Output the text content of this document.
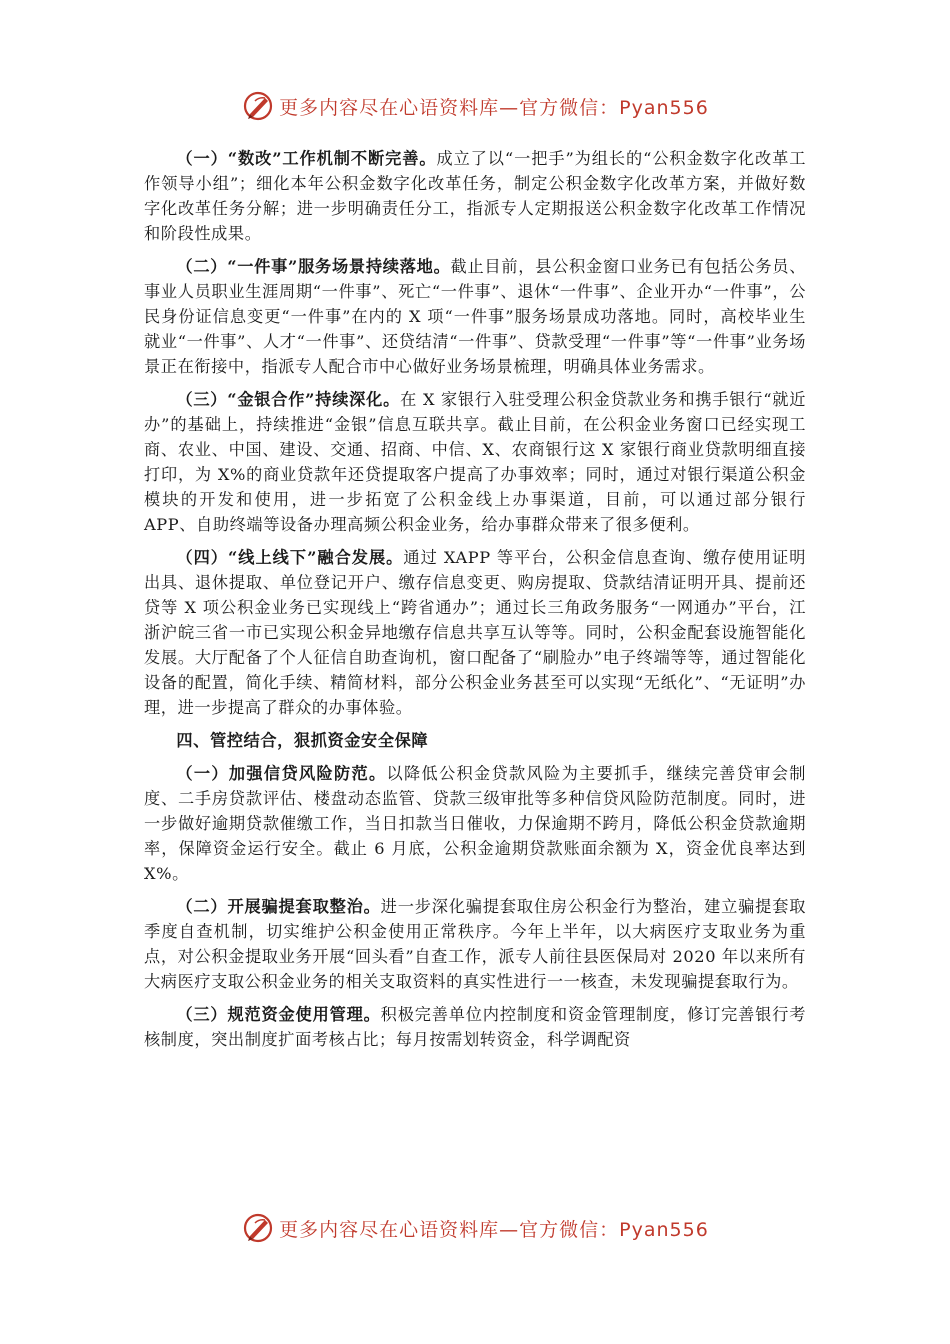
更多内容尽在心语资料库—官方微信：Pyan556

（一）“数改”工作机制不断完善。成立了以“一把手”为组长的“公积金数字化改革工作领导小组”；细化本年公积金数字化改革任务，制定公积金数字化改革方案，并做好数字化改革任务分解；进一步明确责任分工，指派专人定期报送公积金数字化改革工作情况和阶段性成果。

（二）“一件事”服务场景持续落地。截止目前，县公积金窗口业务已有包括公务员、事业人员职业生涯周期“一件事”、死亡“一件事”、退休“一件事”、企业开办“一件事”，公民身份证信息变更“一件事”在内的 X 项“一件事”服务场景成功落地。同时，高校毕业生就业“一件事”、人才“一件事”、还贷结清“一件事”、贷款受理“一件事”等“一件事”业务场景正在衔接中，指派专人配合市中心做好业务场景梳理，明确具体业务需求。

（三）“金银合作”持续深化。在 X 家银行入驻受理公积金贷款业务和携手银行“就近办”的基础上，持续推进“金银”信息互联共享。截止目前，在公积金业务窗口已经实现工商、农业、中国、建设、交通、招商、中信、X、农商银行这 X 家银行商业贷款明细直接打印，为 X%的商业贷款年还贷提取客户提高了办事效率；同时，通过对银行渠道公积金模块的开发和使用，进一步拓宽了公积金线上办事渠道，目前，可以通过部分银行 APP、自助终端等设备办理高频公积金业务，给办事群众带来了很多便利。

（四）“线上线下”融合发展。通过 XAPP 等平台，公积金信息查询、缴存使用证明出具、退休提取、单位登记开户、缴存信息变更、购房提取、贷款结清证明开具、提前还贷等 X 项公积金业务已实现线上“跨省通办”；通过长三角政务服务“一网通办”平台，江浙沪皖三省一市已实现公积金异地缴存信息共享互认等等。同时，公积金配套设施智能化发展。大厅配备了个人征信自助查询机，窗口配备了“刷脸办”电子终端等等，通过智能化设备的配置，简化手续、精简材料，部分公积金业务甚至可以实现“无纸化”、“无证明”办理，进一步提高了群众的办事体验。

四、管控结合，狠抓资金安全保障

（一）加强信贷风险防范。以降低公积金贷款风险为主要抓手，继续完善贷审会制度、二手房贷款评估、楼盘动态监管、贷款三级审批等多种信贷风险防范制度。同时，进一步做好逾期贷款催缴工作，当日扣款当日催收，力保逾期不跨月，降低公积金贷款逾期率，保障资金运行安全。截止 6 月底，公积金逾期贷款账面余额为 X，资金优良率达到 X%。

（二）开展骗提套取整治。进一步深化骗提套取住房公积金行为整治，建立骗提套取季度自查机制，切实维护公积金使用正常秩序。今年上半年，以大病医疗支取业务为重点，对公积金提取业务开展“回头看”自查工作，派专人前往县医保局对 2020 年以来所有大病医疗支取公积金业务的相关支取资料的真实性进行一一核查，未发现骗提套取行为。

（三）规范资金使用管理。积极完善单位内控制度和资金管理制度，修订完善银行考核制度，突出制度扩面考核占比；每月按需划转资金，科学调配资

更多内容尽在心语资料库—官方微信：Pyan556
